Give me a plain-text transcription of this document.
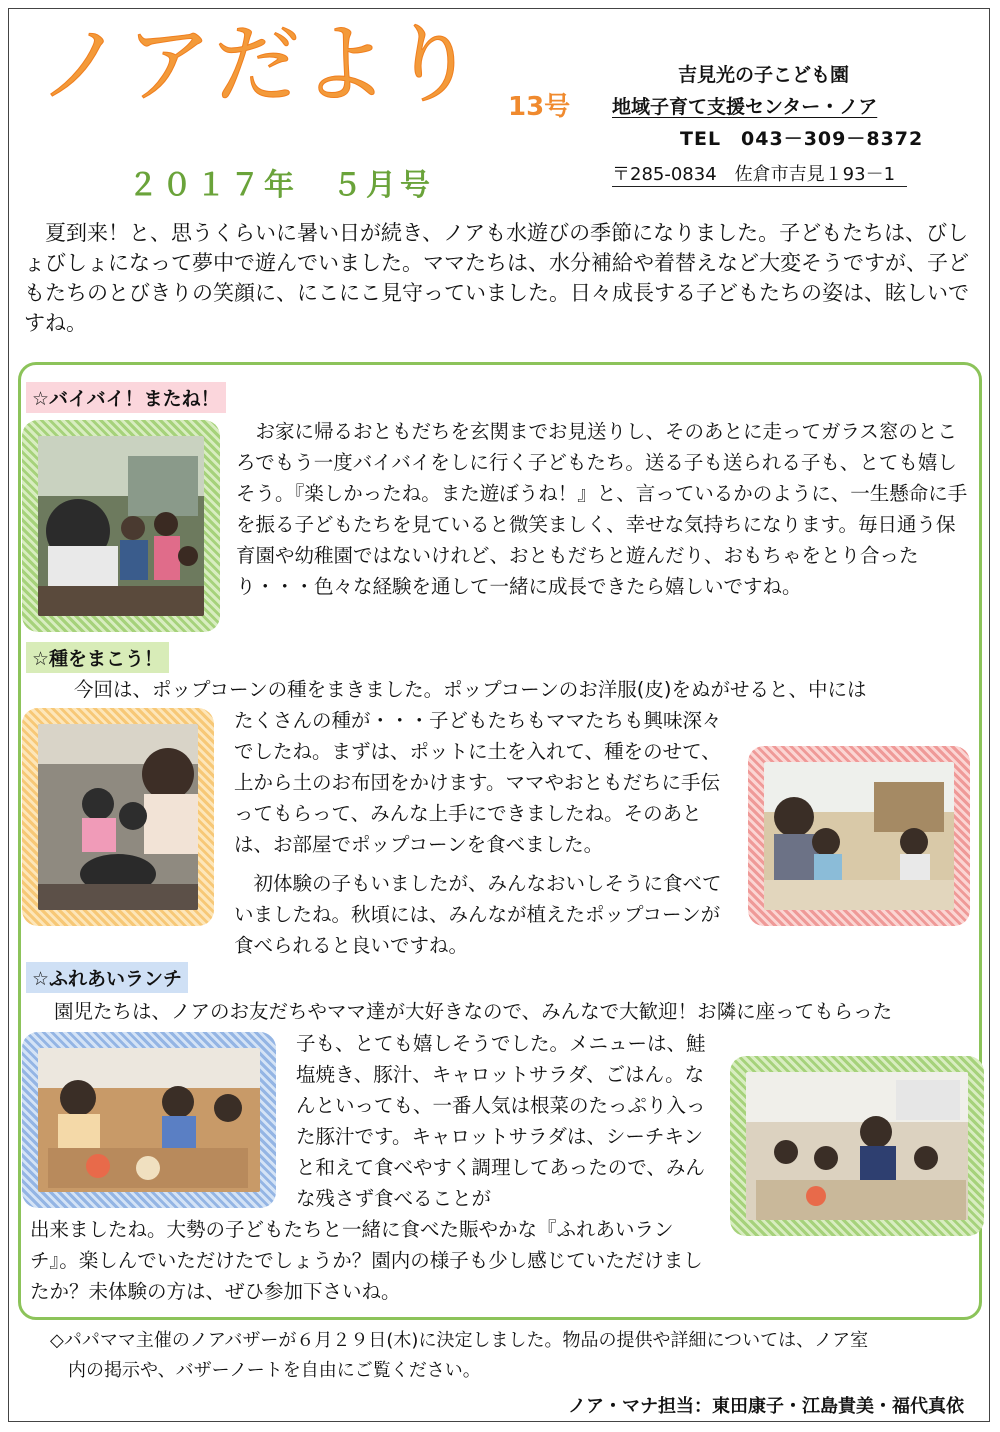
ノアだより 13号
２０１７年　５月号
吉見光の子こども園
地域子育て支援センター・ノア
TEL　043－309－8372
〒285-0834　佐倉市吉見１93－1

夏到来！と、思うくらいに暑い日が続き、ノアも水遊びの季節になりました。子どもたちは、びしょびしょになって夢中で遊んでいました。ママたちは、水分補給や着替えなど大変そうですが、子どもたちのとびきりの笑顔に、にこにこ見守っていました。日々成長する子どもたちの姿は、眩しいですね。

☆バイバイ！またね！
　お家に帰るおともだちを玄関までお見送りし、そのあとに走ってガラス窓のところでもう一度バイバイをしに行く子どもたち。送る子も送られる子も、とても嬉しそう。『楽しかったね。また遊ぼうね！』と、言っているかのように、一生懸命に手を振る子どもたちを見ていると微笑ましく、幸せな気持ちになります。毎日通う保育園や幼稚園ではないけれど、おともだちと遊んだり、おもちゃをとり合ったり・・・色々な経験を通して一緒に成長できたら嬉しいですね。
☆種をまこう！
今回は、ポップコーンの種をまきました。ポップコーンのお洋服(皮)をぬがせると、中には
たくさんの種が・・・子どもたちもママたちも興味深々でしたね。まずは、ポットに土を入れて、種をのせて、上から土のお布団をかけます。ママやおともだちに手伝ってもらって、みんな上手にできましたね。そのあとは、お部屋でポップコーンを食べました。
　初体験の子もいましたが、みんなおいしそうに食べていましたね。秋頃には、みんなが植えたポップコーンが食べられると良いですね。
☆ふれあいランチ
園児たちは、ノアのお友だちやママ達が大好きなので、みんなで大歓迎！お隣に座ってもらった
子も、とても嬉しそうでした。メニューは、鮭塩焼き、豚汁、キャロットサラダ、ごはん。なんといっても、一番人気は根菜のたっぷり入った豚汁です。キャロットサラダは、シーチキンと和えて食べやすく調理してあったので、みんな残さず食べることが
出来ましたね。大勢の子どもたちと一緒に食べた賑やかな『ふれあいランチ』。楽しんでいただけたでしょうか？園内の様子も少し感じていただけましたか？未体験の方は、ぜひ参加下さいね。
◇パパママ主催のノアバザーが６月２９日(木)に決定しました。物品の提供や詳細については、ノア室
内の掲示や、バザーノートを自由にご覧ください。
ノア・マナ担当：東田康子・江島貴美・福代真依
